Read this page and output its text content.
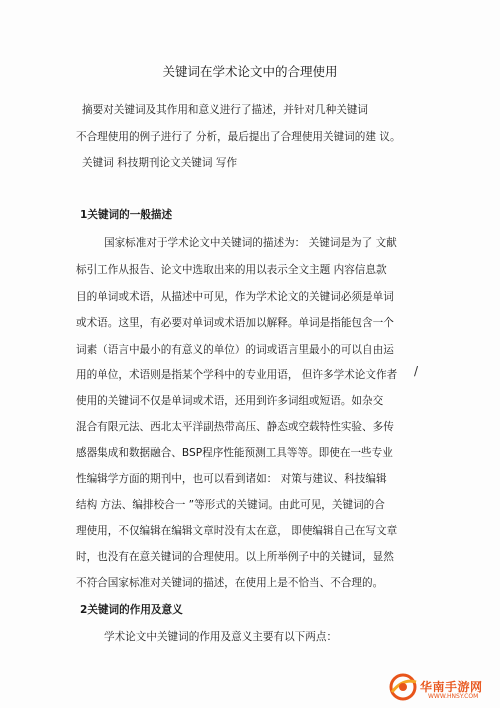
关键词在学术论文中的合理使用
摘要对关键词及其作用和意义进行了描述，并针对几种关键词
不合理使用的例子进行了 分析，最后提出了合理使用关键词的建 议。
关键词 科技期刊论文关键词 写作
1关键词的一般描述
国家标准对于学术论文中关键词的描述为： 关键词是为了 文献
标引工作从报告、论文中选取出来的用以表示全文主题 内容信息款
目的单词或术语，从描述中可见，作为学术论文的关键词必须是单词
或术语。这里，有必要对单词或术语加以解释。单词是指能包含一个
词素（语言中最小的有意义的单位）的词或语言里最小的可以自由运
用的单位，术语则是指某个学科中的专业用语， 但许多学术论文作者
使用的关键词不仅是单词或术语，还用到许多词组或短语。如杂交
混合有限元法、西北太平洋副热带高压、静态或空载特性实验、多传
感器集成和数据融合、BSP程序性能预测工具等等。即使在一些专业
性编辑学方面的期刊中，也可以看到诸如： 对策与建议、科技编辑
结构 方法、编排校合一 ”等形式的关键词。由此可见，关键词的合
理使用，不仅编辑在编辑文章时没有太在意， 即使编辑自己在写文章
时，也没有在意关键词的合理使用。以上所举例子中的关键词，显然
不符合国家标准对关键词的描述，在使用上是不恰当、不合理的。
/
2关键词的作用及意义
学术论文中关键词的作用及意义主要有以下两点：
华南手游网
WWW.HNSY.COM
